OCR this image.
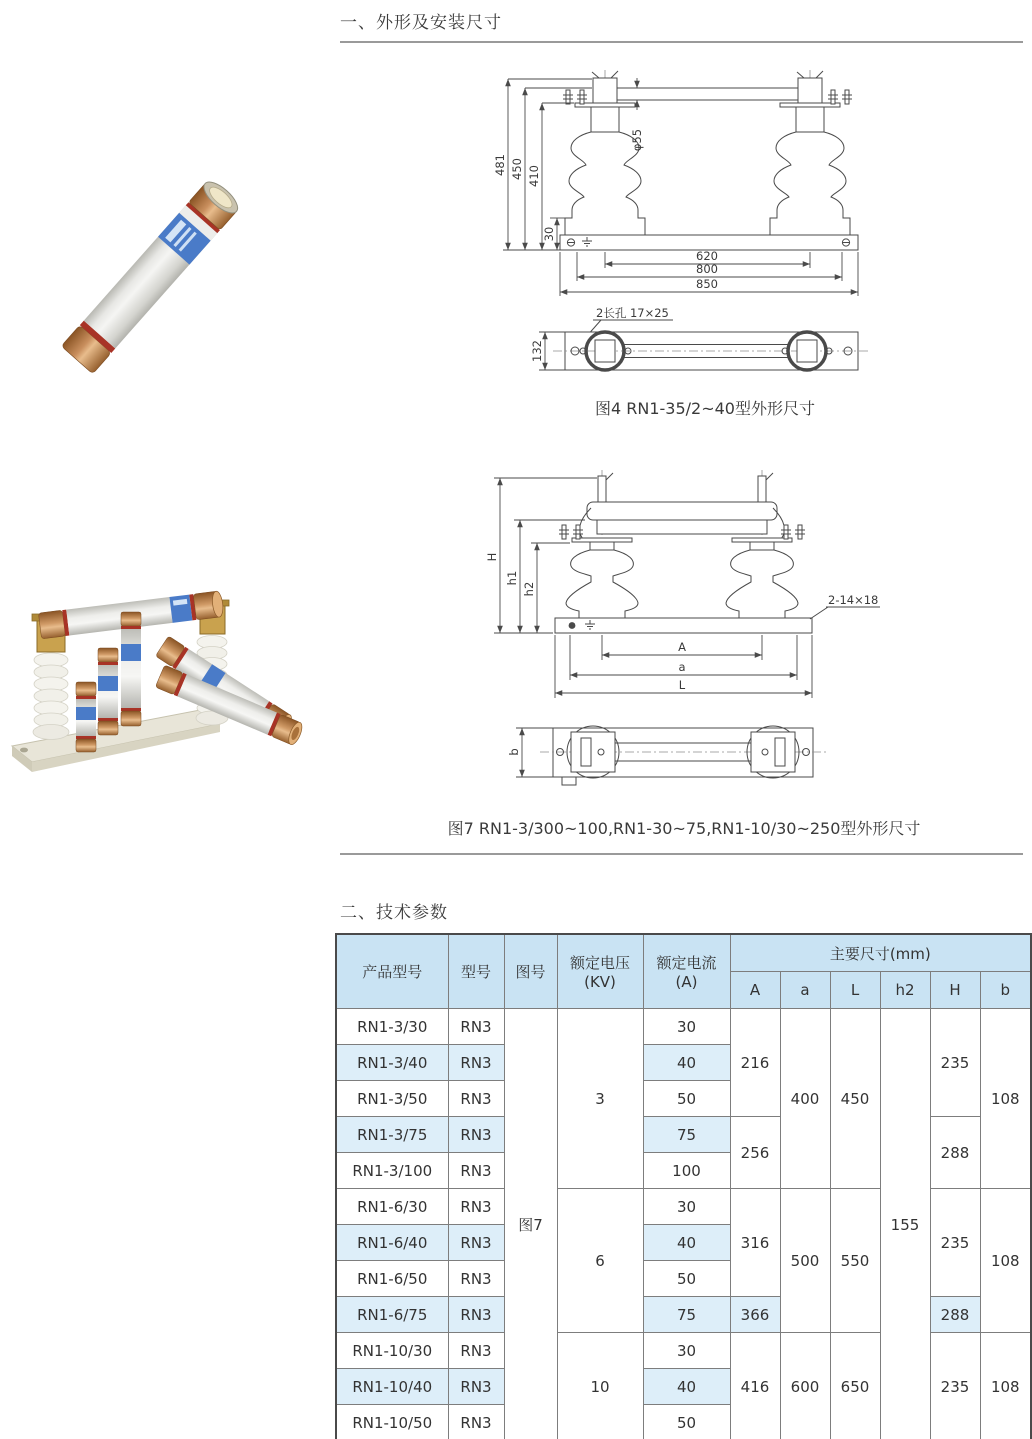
一、外形及安装尺寸
481 450 410
30
φ55
620
800
850
2长孔 17×25
132
图4 RN1-35/2~40型外形尺寸
2-14×18
H
h1
h2
A
a
L
b
图7 RN1-3/300~100,RN1-30~75,RN1-10/30~250型外形尺寸
二、技术参数
产品型号	型号	图号	额定电压
(KV)	额定电流
(A)	主要尺寸(mm)					
					A	a	L	h2	H	b
RN1-3/30	RN3	图7	3	30	216	400	450	155	235	108
RN1-3/40	RN3			40						
RN1-3/50	RN3			50						
RN1-3/75	RN3			75	256				288	
RN1-3/100	RN3			100						
RN1-6/30	RN3		6	30	316	500	550		235	108
RN1-6/40	RN3			40						
RN1-6/50	RN3			50						
RN1-6/75	RN3			75	366				288	
RN1-10/30	RN3		10	30	416	600	650		235	108
RN1-10/40	RN3			40						
RN1-10/50	RN3			50						
